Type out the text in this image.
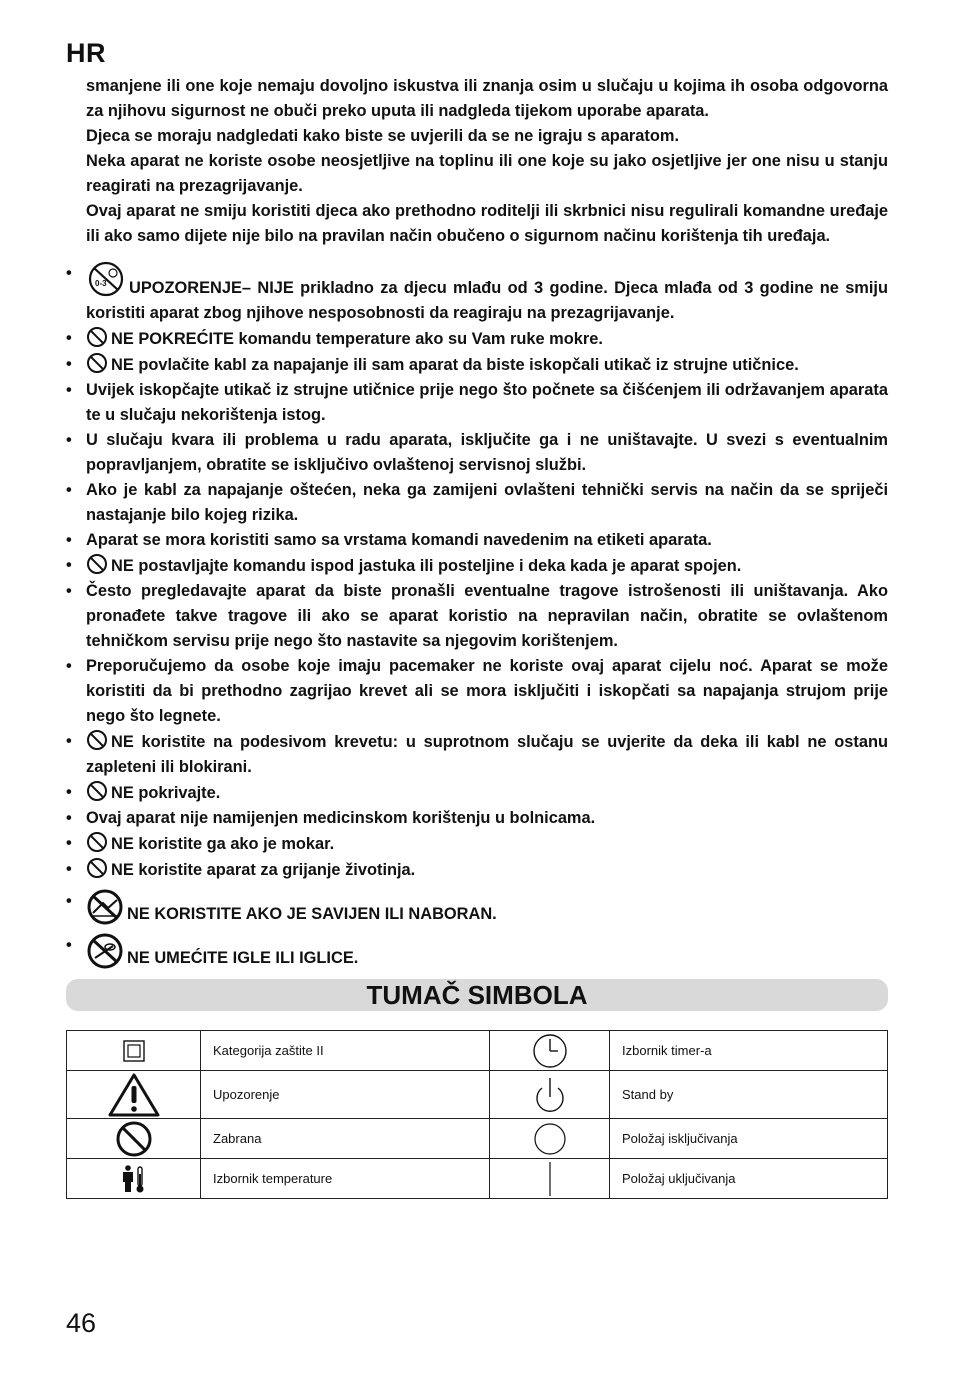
HR

smanjene ili one koje nemaju dovoljno iskustva ili znanja osim u slučaju u kojima ih osoba odgovorna za njihovu sigurnost ne obuči preko uputa ili nadgleda tijekom uporabe aparata.

Djeca se moraju nadgledati kako biste se uvjerili da se ne igraju s aparatom.

Neka aparat ne koriste osobe neosjetljive na toplinu ili one koje su jako osjetljive jer one nisu u stanju reagirati na prezagrijavanje.

Ovaj aparat ne smiju koristiti djeca ako prethodno roditelji ili skrbnici nisu regulirali komandne uređaje ili ako samo dijete nije bilo na pravilan način obučeno o sigurnom načinu korištenja tih uređaja.

• 0-3 UPOZORENJE– NIJE prikladno za djecu mlađu od 3 godine. Djeca mlađa od 3 godine ne smiju koristiti aparat zbog njihove nesposobnosti da reagiraju na prezagrijavanje.
• NE POKREĆITE komandu temperature ako su Vam ruke mokre.
• NE povlačite kabl za napajanje ili sam aparat da biste iskopčali utikač iz strujne utičnice.
• Uvijek iskopčajte utikač iz strujne utičnice prije nego što počnete sa čišćenjem ili održavanjem aparata te u slučaju nekorištenja istog.
• U slučaju kvara ili problema u radu aparata, isključite ga i ne uništavajte. U svezi s eventualnim popravljanjem, obratite se isključivo ovlaštenoj servisnoj službi.
• Ako je kabl za napajanje oštećen, neka ga zamijeni ovlašteni tehnički servis na način da se spriječi nastajanje bilo kojeg rizika.
• Aparat se mora koristiti samo sa vrstama komandi navedenim na etiketi aparata.
• NE postavljajte komandu ispod jastuka ili posteljine i deka kada je aparat spojen.
• Često pregledavajte aparat da biste pronašli eventualne tragove istrošenosti ili uništavanja. Ako pronađete takve tragove ili ako se aparat koristio na nepravilan način, obratite se ovlaštenom tehničkom servisu prije nego što nastavite sa njegovim korištenjem.
• Preporučujemo da osobe koje imaju pacemaker ne koriste ovaj aparat cijelu noć. Aparat se može koristiti da bi prethodno zagrijao krevet ali se mora isključiti i iskopčati sa napajanja strujom prije nego što legnete.
• NE koristite na podesivom krevetu: u suprotnom slučaju se uvjerite da deka ili kabl ne ostanu zapleteni ili blokirani.
• NE pokrivajte.
• Ovaj aparat nije namijenjen medicinskom korištenju u bolnicama.
• NE koristite ga ako je mokar.
• NE koristite aparat za grijanje životinja.
• NE KORISTITE AKO JE SAVIJEN ILI NABORAN.
• NE UMEĆITE IGLE ILI IGLICE.
TUMAČ SIMBOLA
	Kategorija zaštite II		Izbornik timer-a
	Upozorenje		Stand by
	Zabrana		Položaj isključivanja
	Izbornik temperature		Položaj uključivanja
46
